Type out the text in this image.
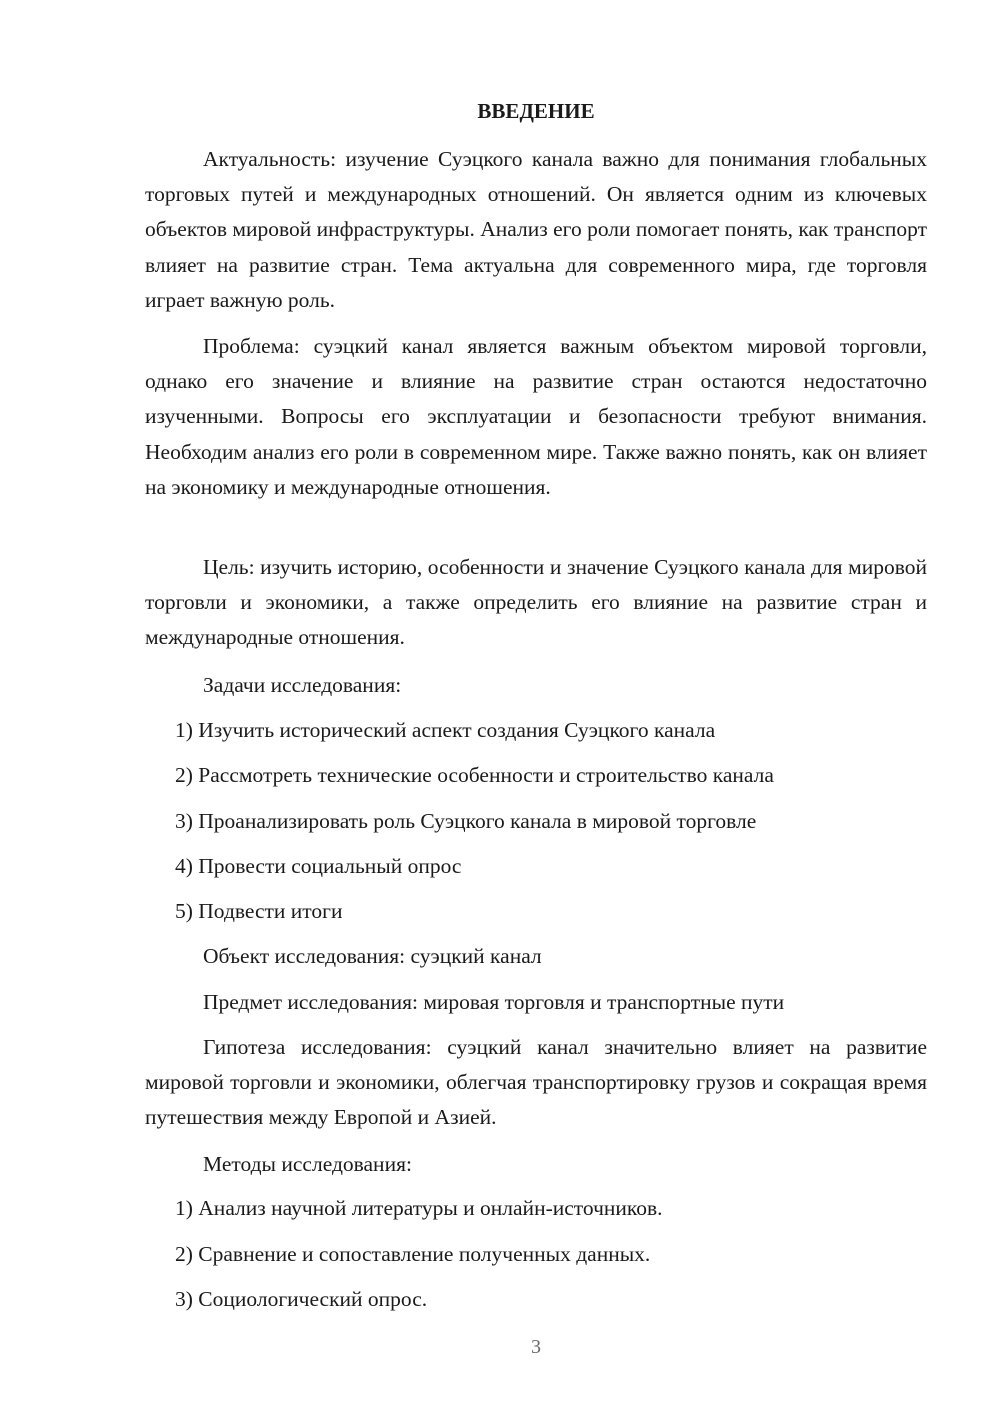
ВВЕДЕНИЕ

Актуальность: изучение Суэцкого канала важно для понимания глобальных торговых путей и международных отношений. Он является одним из ключевых объектов мировой инфраструктуры. Анализ его роли помогает понять, как транспорт влияет на развитие стран. Тема актуальна для современного мира, где торговля играет важную роль.

Проблема: суэцкий канал является важным объектом мировой торговли, однако его значение и влияние на развитие стран остаются недостаточно изученными. Вопросы его эксплуатации и безопасности требуют внимания. Необходим анализ его роли в современном мире. Также важно понять, как он влияет на экономику и международные отношения.

Цель: изучить историю, особенности и значение Суэцкого канала для мировой торговли и экономики, а также определить его влияние на развитие стран и международные отношения.

Задачи исследования:

1) Изучить исторический аспект создания Суэцкого канала

2) Рассмотреть технические особенности и строительство канала

3) Проанализировать роль Суэцкого канала в мировой торговле

4) Провести социальный опрос

5) Подвести итоги

Объект исследования: суэцкий канал

Предмет исследования: мировая торговля и транспортные пути

Гипотеза исследования: суэцкий канал значительно влияет на развитие мировой торговли и экономики, облегчая транспортировку грузов и сокращая время путешествия между Европой и Азией.

Методы исследования:

1) Анализ научной литературы и онлайн-источников.

2) Сравнение и сопоставление полученных данных.

3) Социологический опрос.

3
